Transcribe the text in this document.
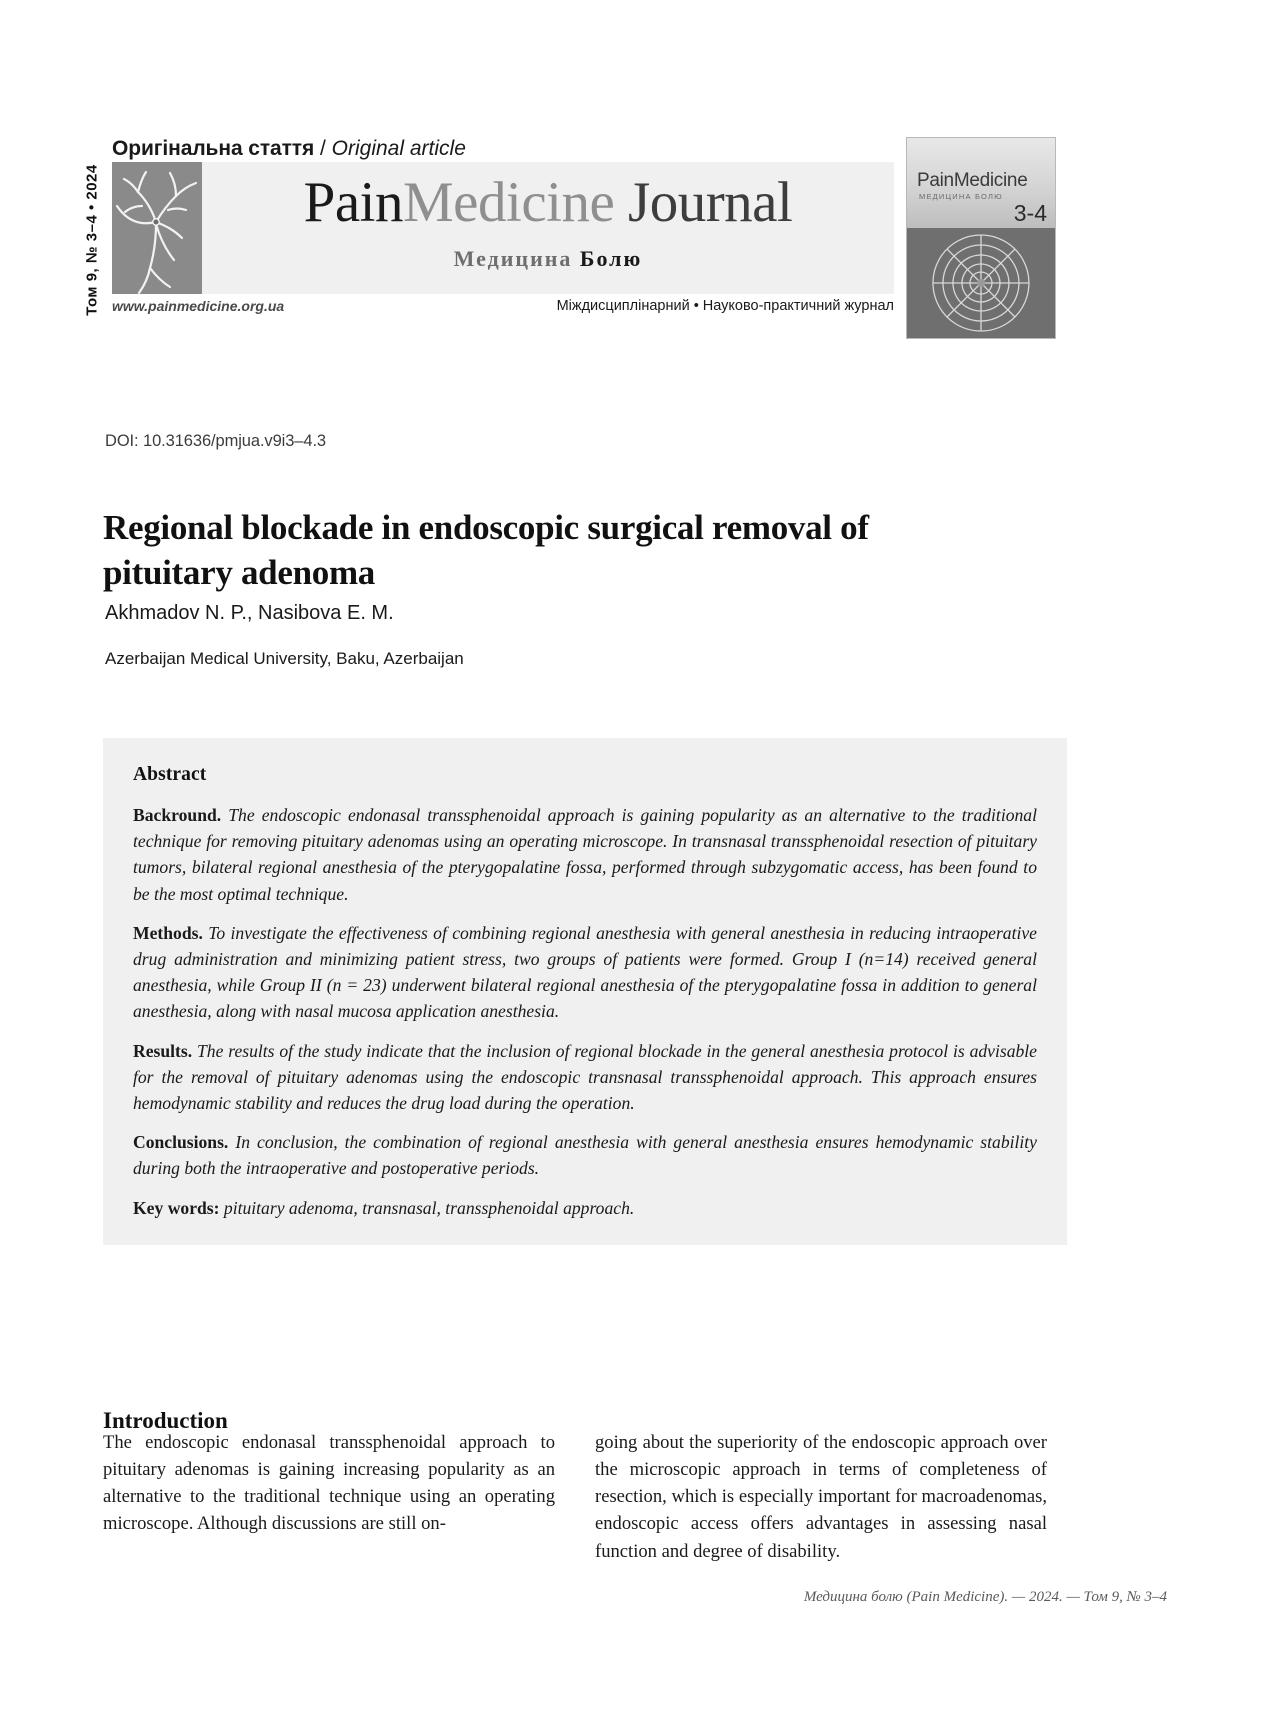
Оригінальна стаття / Original article
Том 9, № 3–4 • 2024	PainMedicine Journal
Медицина Болю
www.painmedicine.org.ua	Міждисциплінарний • Науково-практичний журнал
PainMedicine
МЕДИЦИНА БОЛЮ
3-4
DOI: 10.31636/pmjua.v9i3–4.3
Regional blockade in endoscopic surgical removal of pituitary adenoma
Akhmadov N. P., Nasibova E. M.
Azerbaijan Medical University, Baku, Azerbaijan
Abstract

Backround. The endoscopic endonasal transsphenoidal approach is gaining popularity as an alternative to the traditional technique for removing pituitary adenomas using an operating microscope. In transnasal transsphenoidal resection of pituitary tumors, bilateral regional anesthesia of the pterygopalatine fossa, performed through subzygomatic access, has been found to be the most optimal technique.

Methods. To investigate the effectiveness of combining regional anesthesia with general anesthesia in reducing intraoperative drug administration and minimizing patient stress, two groups of patients were formed. Group I (n=14) received general anesthesia, while Group II (n = 23) underwent bilateral regional anesthesia of the pterygopalatine fossa in addition to general anesthesia, along with nasal mucosa application anesthesia.

Results. The results of the study indicate that the inclusion of regional blockade in the general anesthesia protocol is advisable for the removal of pituitary adenomas using the endoscopic transnasal transsphenoidal approach. This approach ensures hemodynamic stability and reduces the drug load during the operation.

Conclusions. In conclusion, the combination of regional anesthesia with general anesthesia ensures hemodynamic stability during both the intraoperative and postoperative periods.

Key words: pituitary adenoma, transnasal, transsphenoidal approach.

Introduction

The endoscopic endonasal transsphenoidal approach to pituitary adenomas is gaining increasing popularity as an alternative to the traditional technique using an operating microscope. Although discussions are still on-

going about the superiority of the endoscopic approach over the microscopic approach in terms of completeness of resection, which is especially important for macroadenomas, endoscopic access offers advantages in assessing nasal function and degree of disability.

Медицина болю (Pain Medicine). — 2024. — Том 9, № 3–4
